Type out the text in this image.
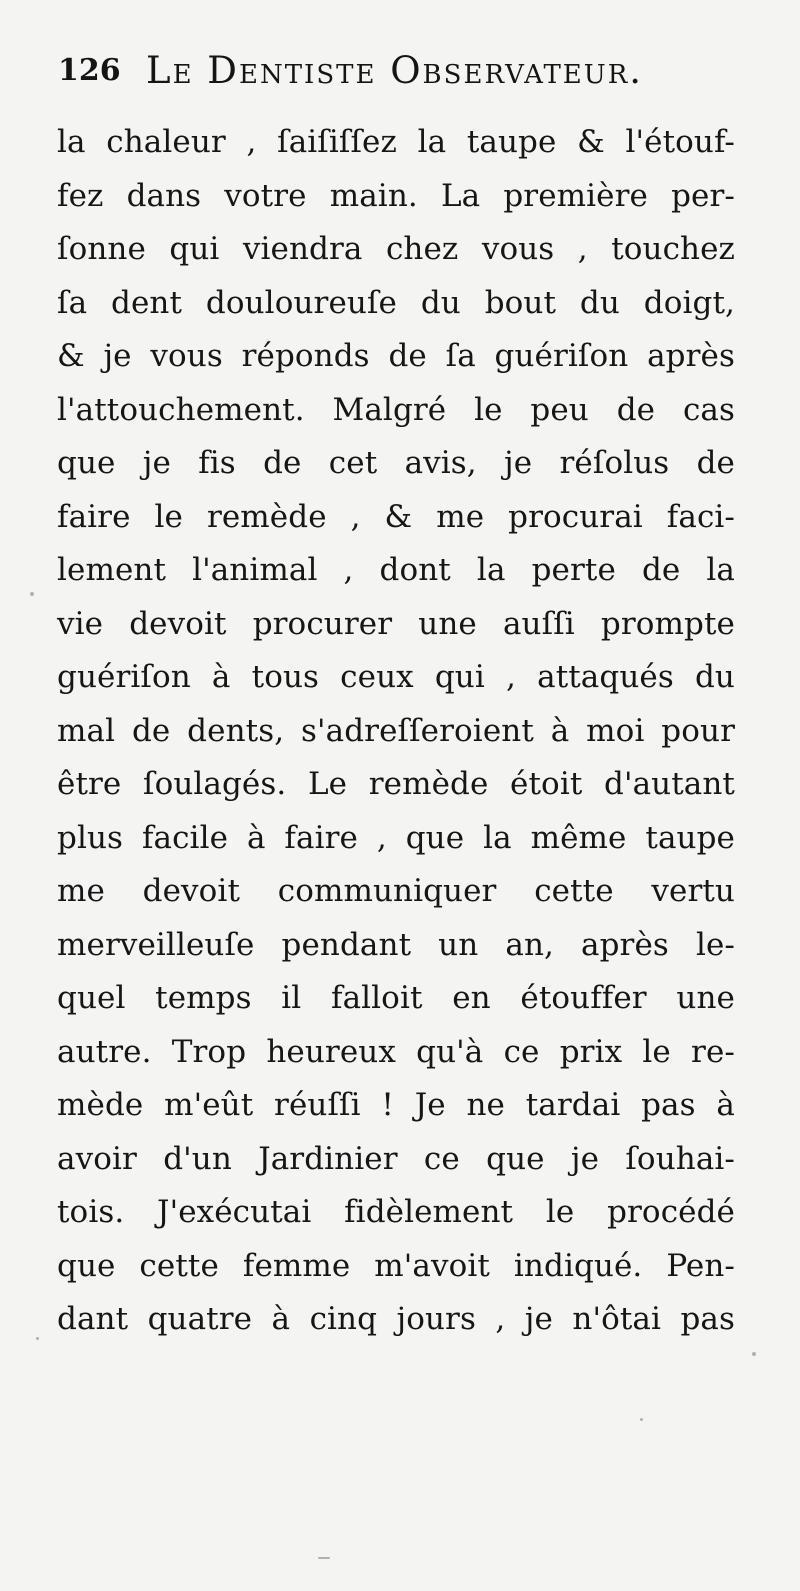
126 Le Dentiste Observateur.
la chaleur , ſaiſiſſez la taupe & l'étouf-
fez dans votre main. La première per-
ſonne qui viendra chez vous , touchez
ſa dent douloureuſe du bout du doigt,
& je vous réponds de ſa guériſon après
l'attouchement. Malgré le peu de cas
que je fis de cet avis, je réſolus de
faire le remède , & me procurai faci-
lement l'animal , dont la perte de la
vie devoit procurer une auſſi prompte
guériſon à tous ceux qui , attaqués du
mal de dents, s'adreſſeroient à moi pour
être ſoulagés. Le remède étoit d'autant
plus facile à faire , que la même taupe
me devoit communiquer cette vertu
merveilleuſe pendant un an, après le-
quel temps il falloit en étouffer une
autre. Trop heureux qu'à ce prix le re-
mède m'eût réuſſi ! Je ne tardai pas à
avoir d'un Jardinier ce que je ſouhai-
tois. J'exécutai fidèlement le procédé
que cette femme m'avoit indiqué. Pen-
dant quatre à cinq jours , je n'ôtai pas
